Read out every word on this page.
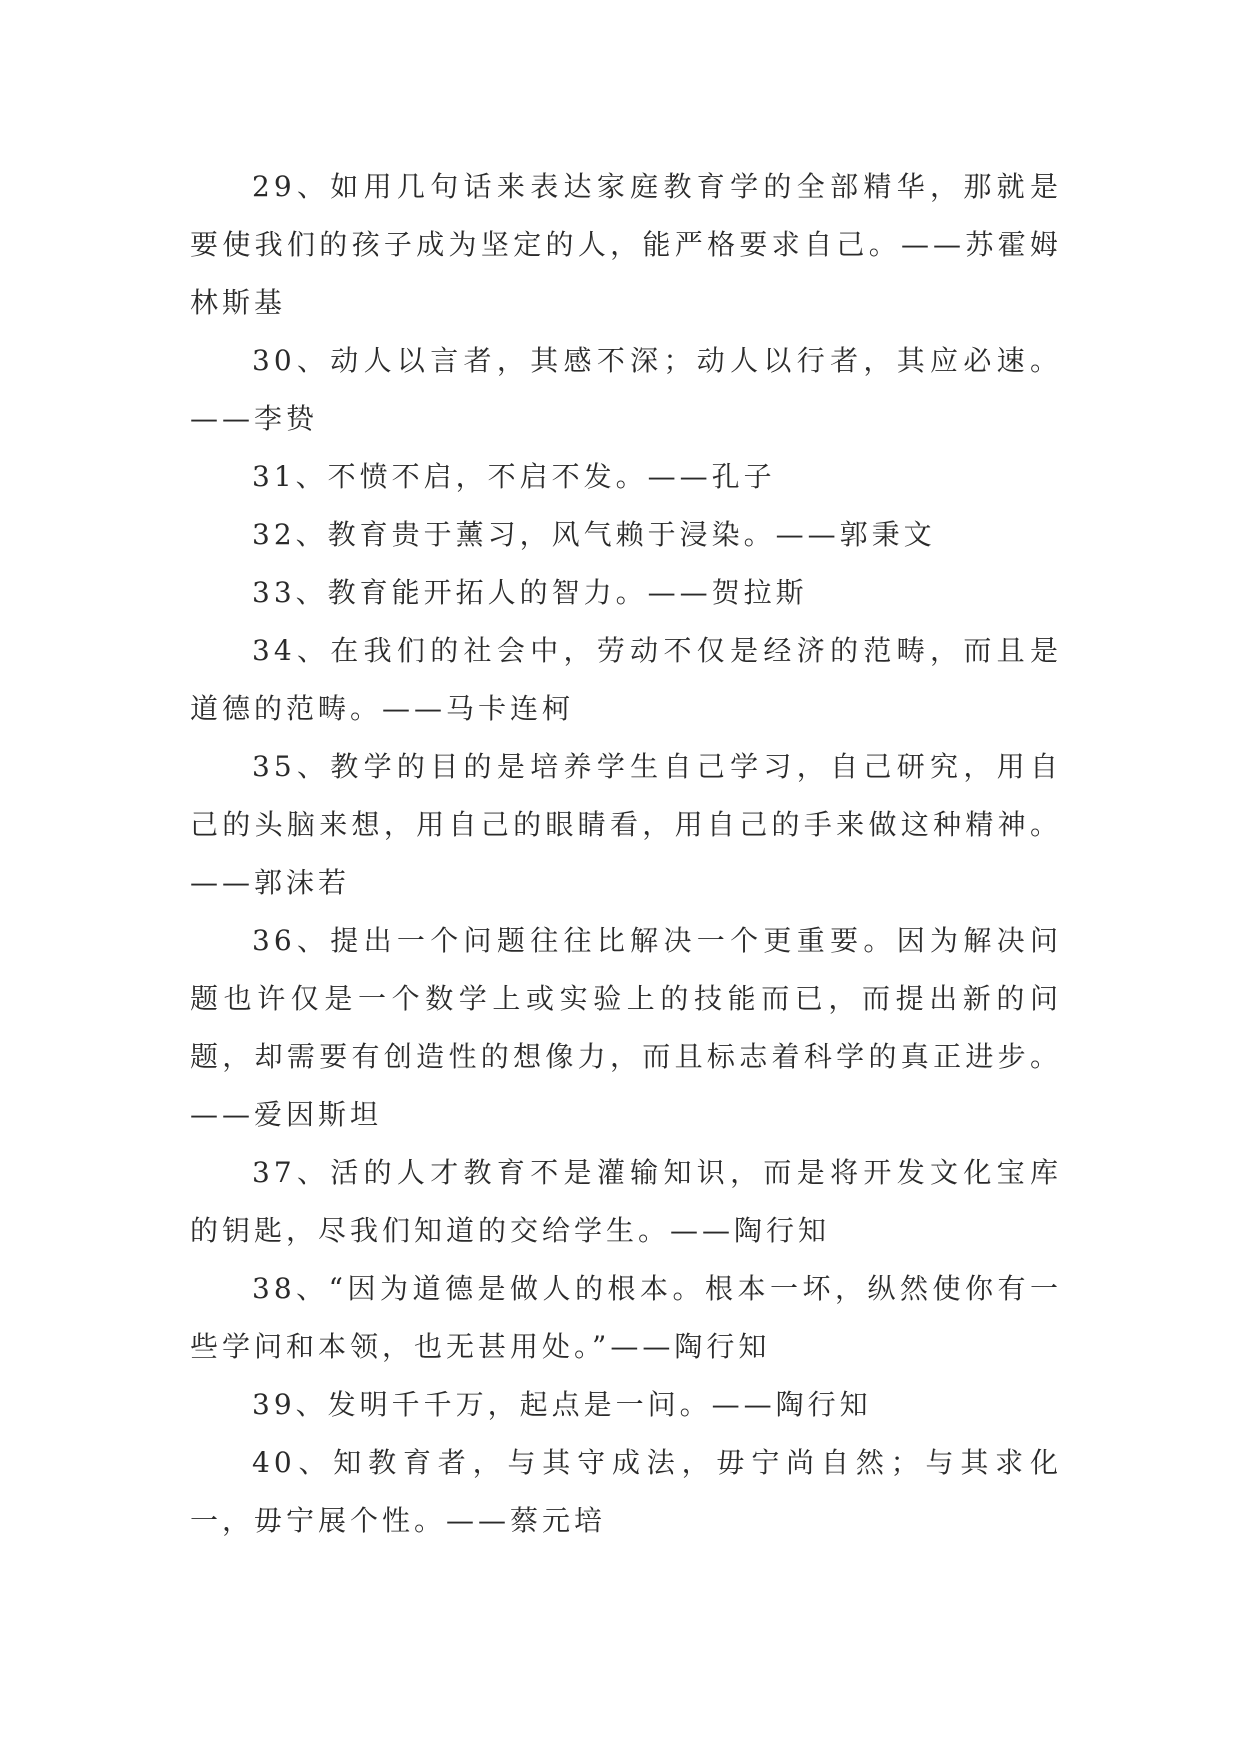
29、如用几句话来表达家庭教育学的全部精华，那就是要使我们的孩子成为坚定的人，能严格要求自己。——苏霍姆林斯基

30、动人以言者，其感不深；动人以行者，其应必速。——李贽

31、不愤不启，不启不发。——孔子

32、教育贵于薰习，风气赖于浸染。——郭秉文

33、教育能开拓人的智力。——贺拉斯

34、在我们的社会中，劳动不仅是经济的范畴，而且是道德的范畴。——马卡连柯

35、教学的目的是培养学生自己学习，自己研究，用自己的头脑来想，用自己的眼睛看，用自己的手来做这种精神。——郭沫若

36、提出一个问题往往比解决一个更重要。因为解决问题也许仅是一个数学上或实验上的技能而已，而提出新的问题，却需要有创造性的想像力，而且标志着科学的真正进步。——爱因斯坦

37、活的人才教育不是灌输知识，而是将开发文化宝库的钥匙，尽我们知道的交给学生。——陶行知

38、“因为道德是做人的根本。根本一坏，纵然使你有一些学问和本领，也无甚用处。”——陶行知

39、发明千千万，起点是一问。——陶行知

40、知教育者，与其守成法，毋宁尚自然；与其求化一，毋宁展个性。——蔡元培
